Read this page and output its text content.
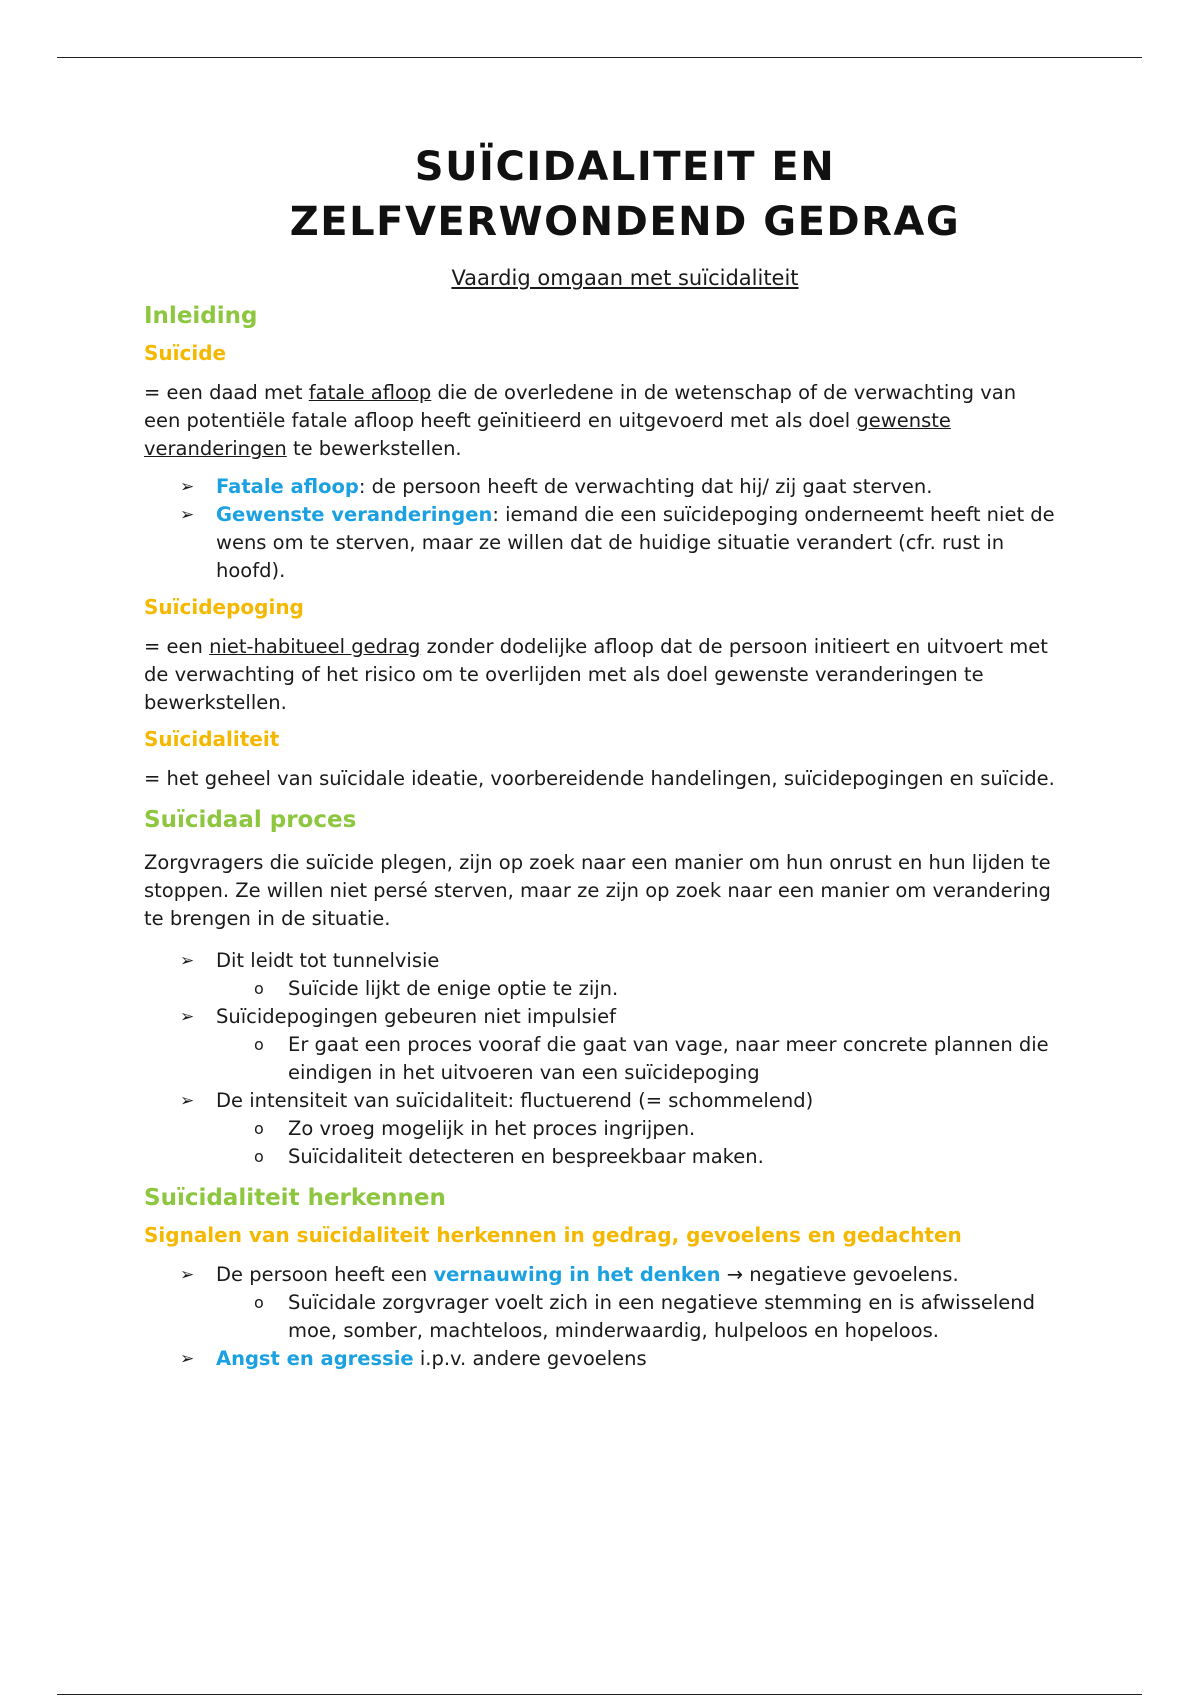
SUÏCIDALITEIT EN
ZELFVERWONDEND GEDRAG
Vaardig omgaan met suïcidaliteit
Inleiding
Suïcide

= een daad met fatale afloop die de overledene in de wetenschap of de verwachting van een potentiële fatale afloop heeft geïnitieerd en uitgevoerd met als doel gewenste veranderingen te bewerkstellen.

➢ Fatale afloop: de persoon heeft de verwachting dat hij/ zij gaat sterven.
➢ Gewenste veranderingen: iemand die een suïcidepoging onderneemt heeft niet de wens om te sterven, maar ze willen dat de huidige situatie verandert (cfr. rust in hoofd).
Suïcidepoging

= een niet-habitueel gedrag zonder dodelijke afloop dat de persoon initieert en uitvoert met de verwachting of het risico om te overlijden met als doel gewenste veranderingen te bewerkstellen.

Suïcidaliteit

= het geheel van suïcidale ideatie, voorbereidende handelingen, suïcidepogingen en suïcide.

Suïcidaal proces

Zorgvragers die suïcide plegen, zijn op zoek naar een manier om hun onrust en hun lijden te stoppen. Ze willen niet persé sterven, maar ze zijn op zoek naar een manier om verandering te brengen in de situatie.

➢ Dit leidt tot tunnelvisie
o Suïcide lijkt de enige optie te zijn.
➢ Suïcidepogingen gebeuren niet impulsief
o Er gaat een proces vooraf die gaat van vage, naar meer concrete plannen die eindigen in het uitvoeren van een suïcidepoging
➢ De intensiteit van suïcidaliteit: fluctuerend (= schommelend)
o Zo vroeg mogelijk in het proces ingrijpen.
o Suïcidaliteit detecteren en bespreekbaar maken.
Suïcidaliteit herkennen
Signalen van suïcidaliteit herkennen in gedrag, gevoelens en gedachten
➢ De persoon heeft een vernauwing in het denken → negatieve gevoelens.
o Suïcidale zorgvrager voelt zich in een negatieve stemming en is afwisselend moe, somber, machteloos, minderwaardig, hulpeloos en hopeloos.
➢ Angst en agressie i.p.v. andere gevoelens
